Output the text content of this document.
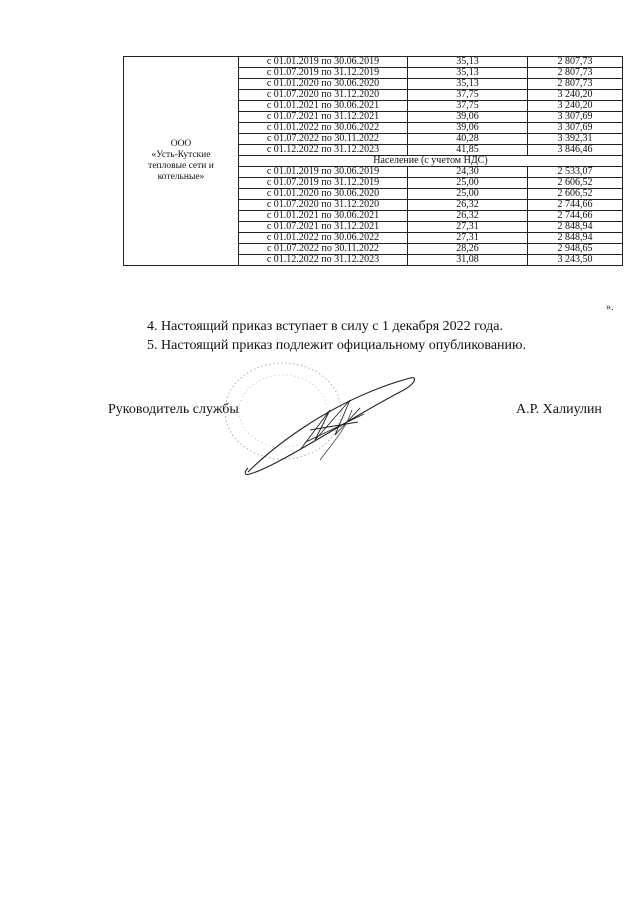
ООО
«Усть-Кутские
тепловые сети и
котельные»	с 01.01.2019 по 30.06.2019	35,13	2 807,73
	с 01.07.2019 по 31.12.2019	35,13	2 807,73
	с 01.01.2020 по 30.06.2020	35,13	2 807,73
	с 01.07.2020 по 31.12.2020	37,75	3 240,20
	с 01.01.2021 по 30.06.2021	37,75	3 240,20
	с 01.07.2021 по 31.12.2021	39,06	3 307,69
	с 01.01.2022 по 30.06.2022	39,06	3 307,69
	с 01.07.2022 по 30.11.2022	40,28	3 392,31
	с 01.12.2022 по 31.12.2023	41,85	3 846,46
	Население (с учетом НДС)		
	с 01.01.2019 по 30.06.2019	24,30	2 533,07
	с 01.07.2019 по 31.12.2019	25,00	2 606,52
	с 01.01.2020 по 30.06.2020	25,00	2 606,52
	с 01.07.2020 по 31.12.2020	26,32	2 744,66
	с 01.01.2021 по 30.06.2021	26,32	2 744,66
	с 01.07.2021 по 31.12.2021	27,31	2 848,94
	с 01.01.2022 по 30.06.2022	27,31	2 848,94
	с 01.07.2022 по 30.11.2022	28,26	2 948,65
	с 01.12.2022 по 31.12.2023	31,08	3 243,50
».
4. Настоящий приказ вступает в силу с 1 декабря 2022 года.
5. Настоящий приказ подлежит официальному опубликованию.
Руководитель службы	А.Р. Халиулин
